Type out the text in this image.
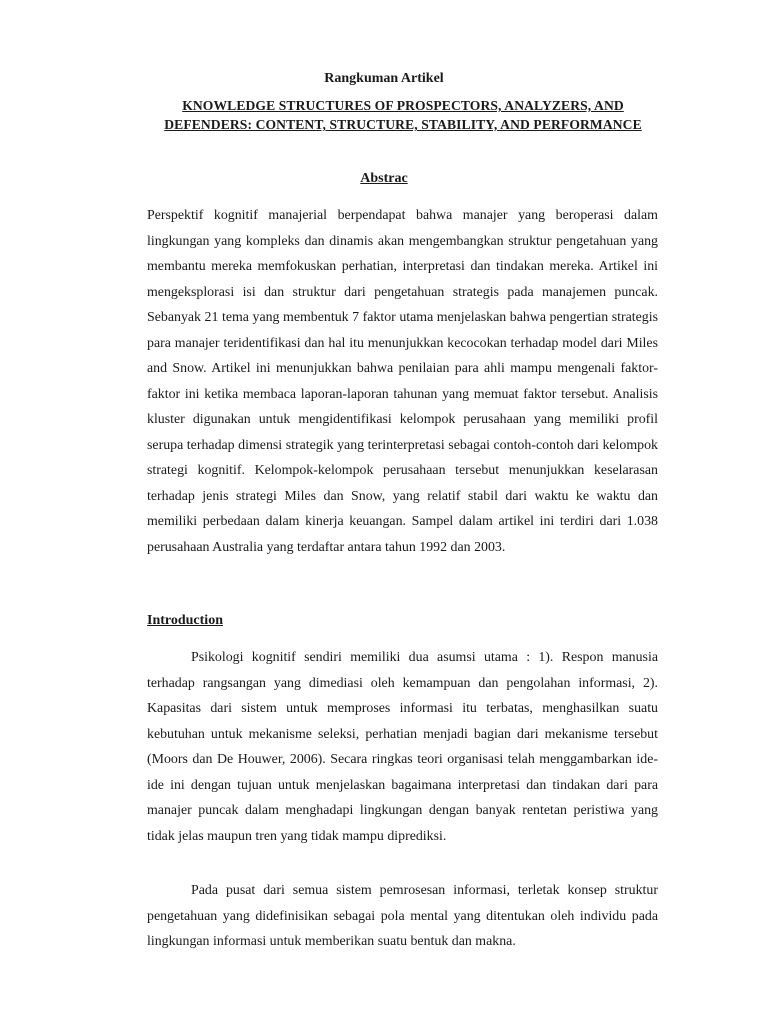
Rangkuman Artikel
KNOWLEDGE STRUCTURES OF PROSPECTORS, ANALYZERS, AND DEFENDERS: CONTENT, STRUCTURE, STABILITY, AND PERFORMANCE
Abstrac
Perspektif kognitif manajerial berpendapat bahwa manajer yang beroperasi dalam lingkungan yang kompleks dan dinamis akan mengembangkan struktur pengetahuan yang membantu mereka memfokuskan perhatian, interpretasi dan tindakan mereka. Artikel ini mengeksplorasi isi dan struktur dari pengetahuan strategis pada manajemen puncak. Sebanyak 21 tema yang membentuk 7 faktor utama menjelaskan bahwa pengertian strategis para manajer teridentifikasi dan hal itu menunjukkan kecocokan terhadap model dari Miles and Snow. Artikel ini menunjukkan bahwa penilaian para ahli mampu mengenali faktor-faktor ini ketika membaca laporan-laporan tahunan yang memuat faktor tersebut. Analisis kluster digunakan untuk mengidentifikasi kelompok perusahaan yang memiliki profil serupa terhadap dimensi strategik yang terinterpretasi sebagai contoh-contoh dari kelompok strategi kognitif. Kelompok-kelompok perusahaan tersebut menunjukkan keselarasan terhadap jenis strategi Miles dan Snow, yang relatif stabil dari waktu ke waktu dan memiliki perbedaan dalam kinerja keuangan. Sampel dalam artikel ini terdiri dari 1.038 perusahaan Australia yang terdaftar antara tahun 1992 dan 2003.
Introduction
Psikologi kognitif sendiri memiliki dua asumsi utama : 1). Respon manusia terhadap rangsangan yang dimediasi oleh kemampuan dan pengolahan informasi, 2). Kapasitas dari sistem untuk memproses informasi itu terbatas, menghasilkan suatu kebutuhan untuk mekanisme seleksi, perhatian menjadi bagian dari mekanisme tersebut (Moors dan De Houwer, 2006). Secara ringkas teori organisasi telah menggambarkan ide-ide ini dengan tujuan untuk menjelaskan bagaimana interpretasi dan tindakan dari para manajer puncak dalam menghadapi lingkungan dengan banyak rentetan peristiwa yang tidak jelas maupun tren yang tidak mampu diprediksi.
Pada pusat dari semua sistem pemrosesan informasi, terletak konsep struktur pengetahuan yang didefinisikan sebagai pola mental yang ditentukan oleh individu pada lingkungan informasi untuk memberikan suatu bentuk dan makna.
